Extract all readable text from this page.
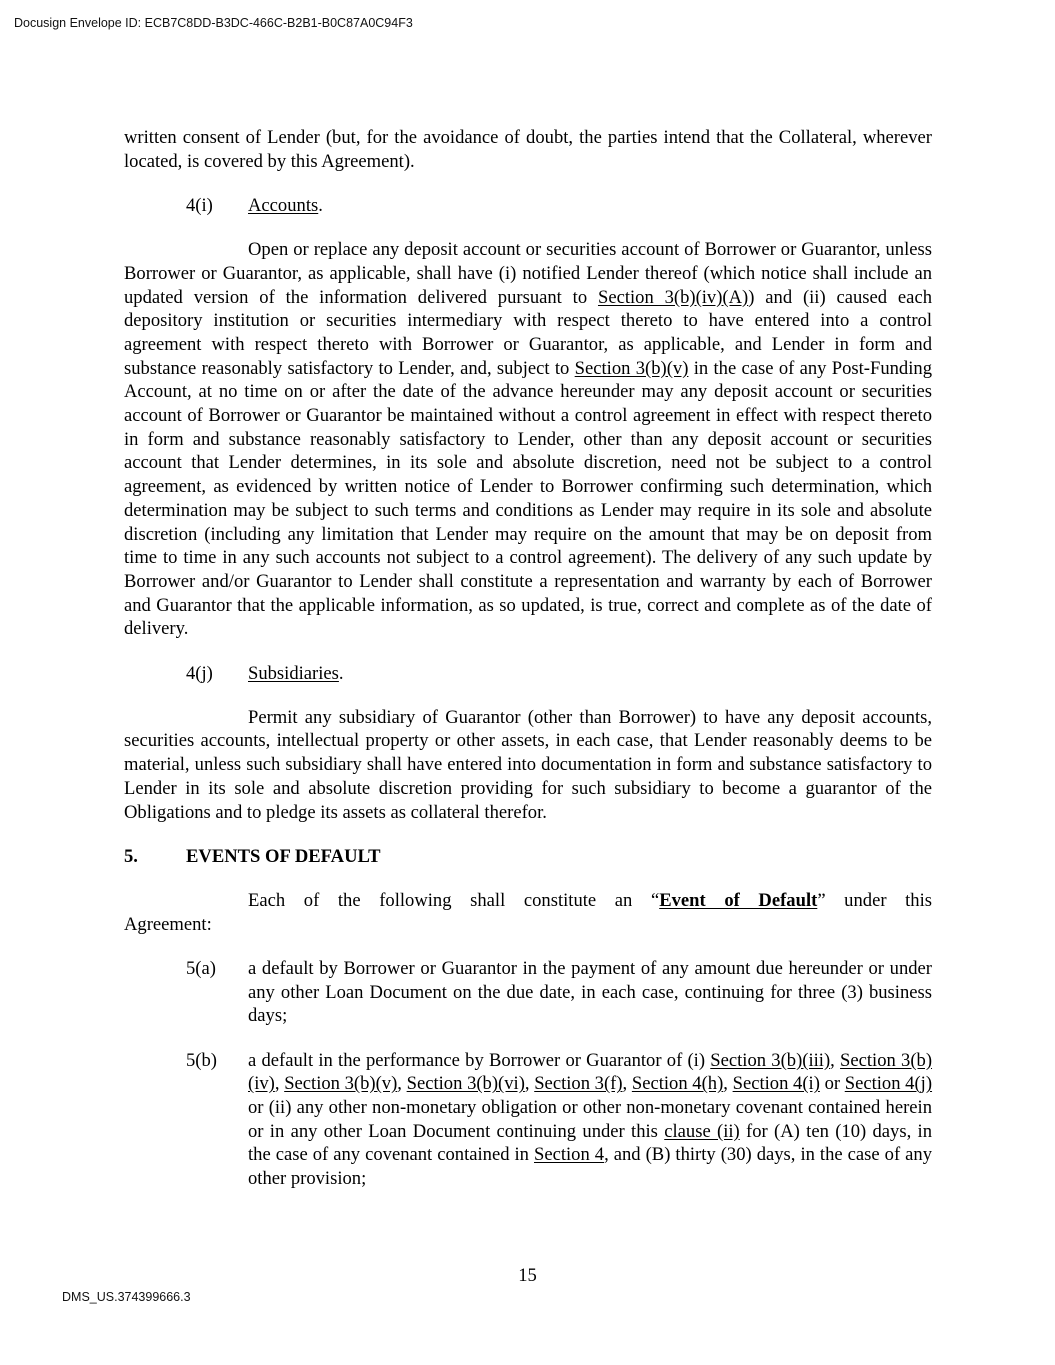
Docusign Envelope ID: ECB7C8DD-B3DC-466C-B2B1-B0C87A0C94F3

written consent of Lender (but, for the avoidance of doubt, the parties intend that the Collateral, wherever located, is covered by this Agreement).

4(i)	Accounts.

Open or replace any deposit account or securities account of Borrower or Guarantor, unless Borrower or Guarantor, as applicable, shall have (i) notified Lender thereof (which notice shall include an updated version of the information delivered pursuant to Section 3(b)(iv)(A)) and (ii) caused each depository institution or securities intermediary with respect thereto to have entered into a control agreement with respect thereto with Borrower or Guarantor, as applicable, and Lender in form and substance reasonably satisfactory to Lender, and, subject to Section 3(b)(v) in the case of any Post-Funding Account, at no time on or after the date of the advance hereunder may any deposit account or securities account of Borrower or Guarantor be maintained without a control agreement in effect with respect thereto in form and substance reasonably satisfactory to Lender, other than any deposit account or securities account that Lender determines, in its sole and absolute discretion, need not be subject to a control agreement, as evidenced by written notice of Lender to Borrower confirming such determination, which determination may be subject to such terms and conditions as Lender may require in its sole and absolute discretion (including any limitation that Lender may require on the amount that may be on deposit from time to time in any such accounts not subject to a control agreement). The delivery of any such update by Borrower and/or Guarantor to Lender shall constitute a representation and warranty by each of Borrower and Guarantor that the applicable information, as so updated, is true, correct and complete as of the date of delivery.

4(j)	Subsidiaries.

Permit any subsidiary of Guarantor (other than Borrower) to have any deposit accounts, securities accounts, intellectual property or other assets, in each case, that Lender reasonably deems to be material, unless such subsidiary shall have entered into documentation in form and substance satisfactory to Lender in its sole and absolute discretion providing for such subsidiary to become a guarantor of the Obligations and to pledge its assets as collateral therefor.

5.	EVENTS OF DEFAULT

Each of the following shall constitute an “Event of Default” under this

Agreement:

5(a)	a default by Borrower or Guarantor in the payment of any amount due hereunder or under any other Loan Document on the due date, in each case, continuing for three (3) business days;
5(b)	a default in the performance by Borrower or Guarantor of (i) Section 3(b)(iii), Section 3(b)(iv), Section 3(b)(v), Section 3(b)(vi), Section 3(f), Section 4(h), Section 4(i) or Section 4(j) or (ii) any other non-monetary obligation or other non-monetary covenant contained herein or in any other Loan Document continuing under this clause (ii) for (A) ten (10) days, in the case of any covenant contained in Section 4, and (B) thirty (30) days, in the case of any other provision;
15
DMS_US.374399666.3
